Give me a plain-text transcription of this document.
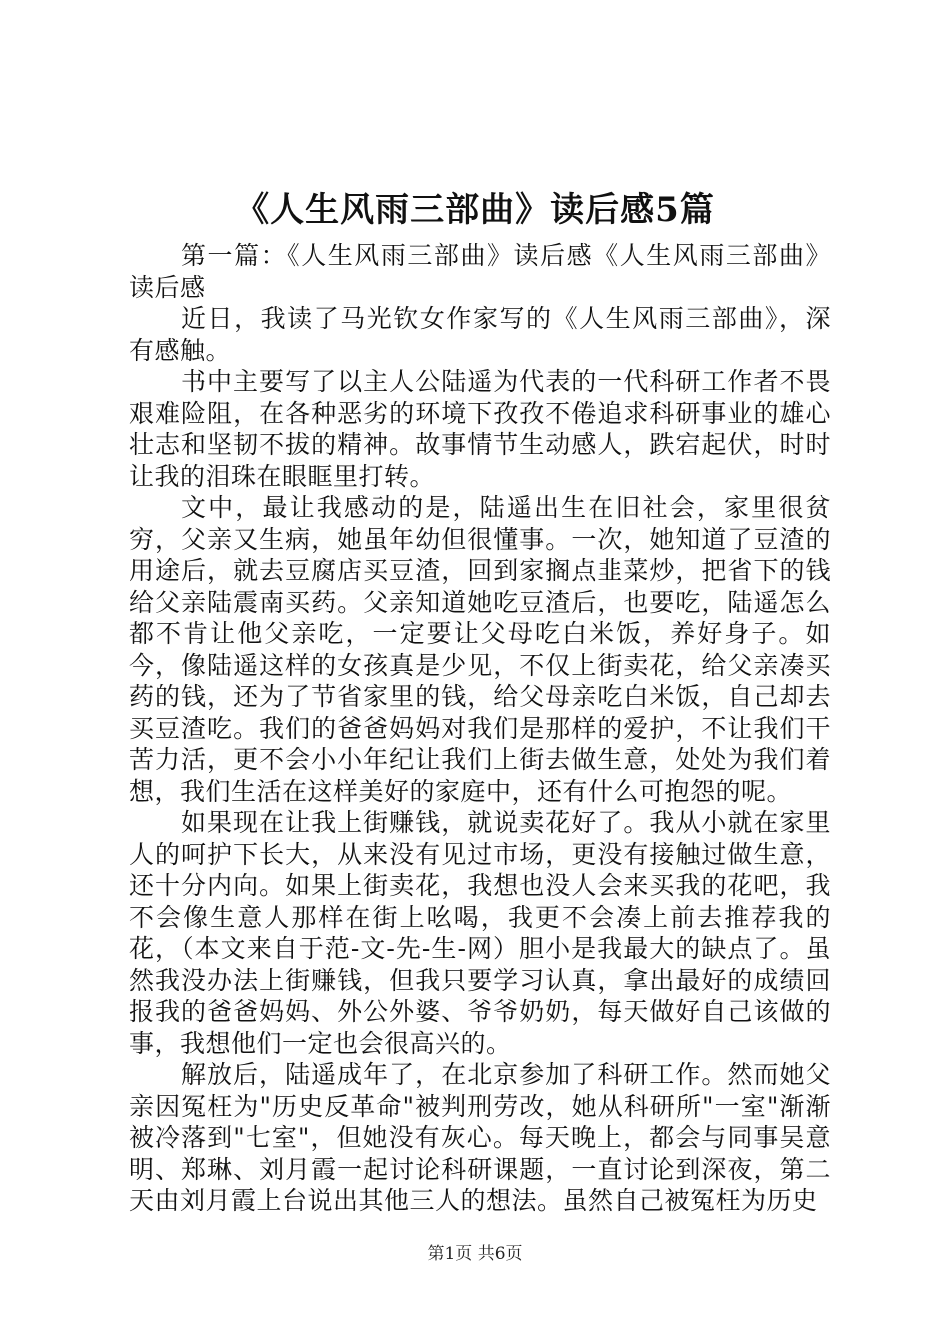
《人生风雨三部曲》读后感5篇

第一篇：《人生风雨三部曲》读后感《人生风雨三部曲》读后感

近日，我读了马光钦女作家写的《人生风雨三部曲》，深有感触。

书中主要写了以主人公陆遥为代表的一代科研工作者不畏艰难险阻，在各种恶劣的环境下孜孜不倦追求科研事业的雄心壮志和坚韧不拔的精神。故事情节生动感人，跌宕起伏，时时让我的泪珠在眼眶里打转。

文中，最让我感动的是，陆遥出生在旧社会，家里很贫穷，父亲又生病，她虽年幼但很懂事。一次，她知道了豆渣的用途后，就去豆腐店买豆渣，回到家搁点韭菜炒，把省下的钱给父亲陆震南买药。父亲知道她吃豆渣后，也要吃，陆遥怎么都不肯让他父亲吃，一定要让父母吃白米饭，养好身子。如今，像陆遥这样的女孩真是少见，不仅上街卖花，给父亲凑买药的钱，还为了节省家里的钱，给父母亲吃白米饭，自己却去买豆渣吃。我们的爸爸妈妈对我们是那样的爱护，不让我们干苦力活，更不会小小年纪让我们上街去做生意，处处为我们着想，我们生活在这样美好的家庭中，还有什么可抱怨的呢。

如果现在让我上街赚钱，就说卖花好了。我从小就在家里人的呵护下长大，从来没有见过市场，更没有接触过做生意，还十分内向。如果上街卖花，我想也没人会来买我的花吧，我不会像生意人那样在街上吆喝，我更不会凑上前去推荐我的花，（本文来自于范-文-先-生-网）胆小是我最大的缺点了。虽然我没办法上街赚钱，但我只要学习认真，拿出最好的成绩回报我的爸爸妈妈、外公外婆、爷爷奶奶，每天做好自己该做的事，我想他们一定也会很高兴的。

解放后，陆遥成年了，在北京参加了科研工作。然而她父亲因冤枉为"历史反革命"被判刑劳改，她从科研所"一室"渐渐被冷落到"七室"，但她没有灰心。每天晚上，都会与同事吴意明、郑琳、刘月霞一起讨论科研课题，一直讨论到深夜，第二天由刘月霞上台说出其他三人的想法。虽然自己被冤枉为历史

第1页 共6页
